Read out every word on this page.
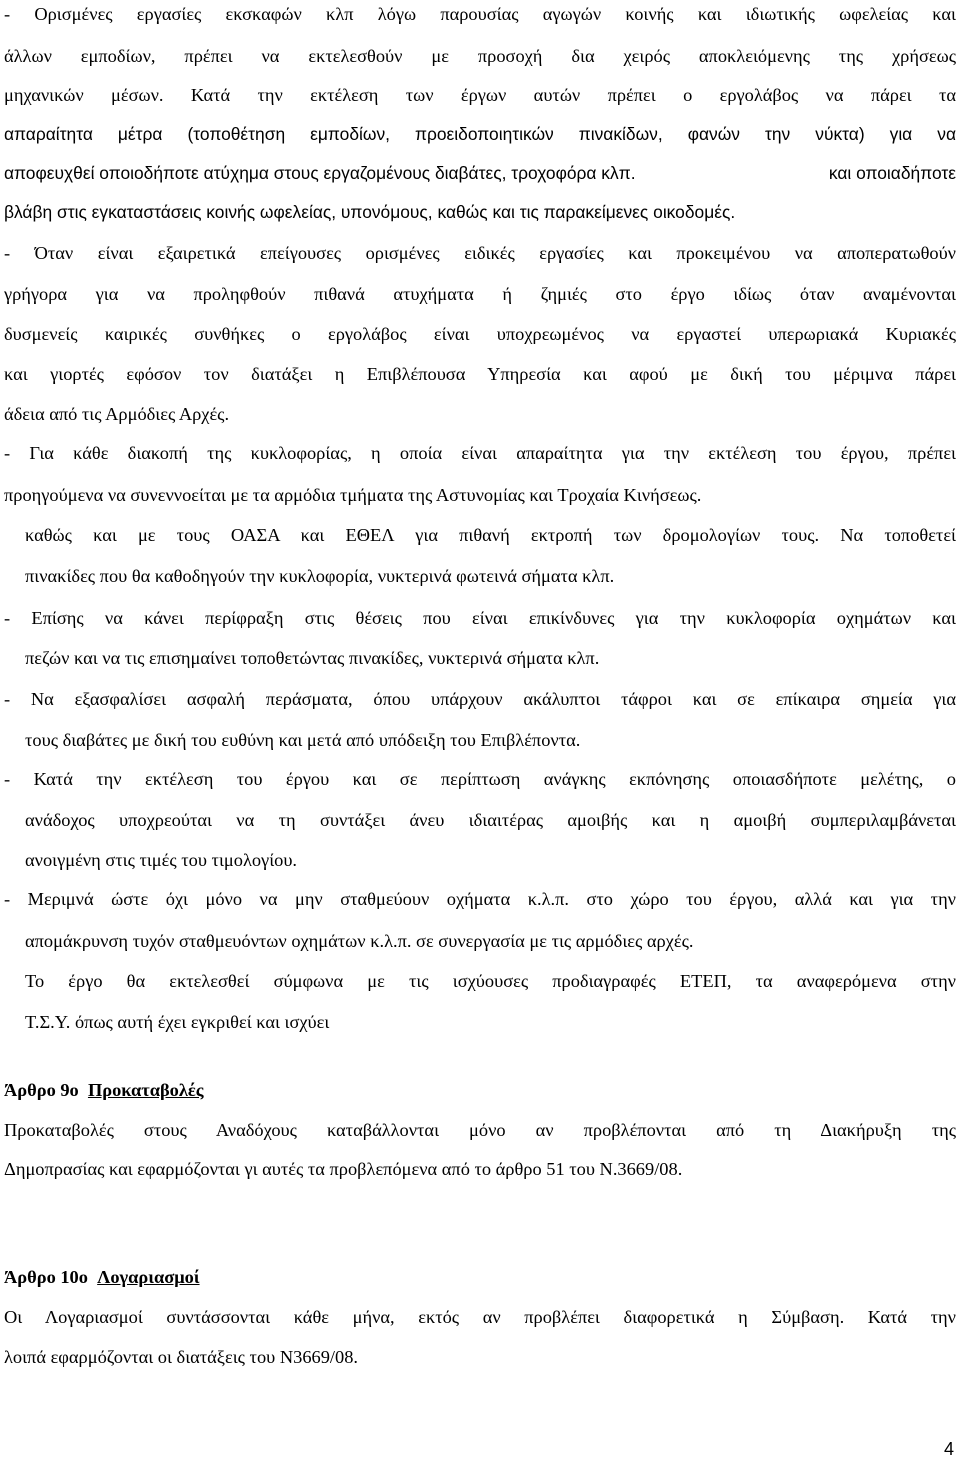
- Ορισμένες εργασίες εκσκαφών κλπ λόγω παρουσίας αγωγών κοινής και ιδιωτικής ωφελείας και
άλλων εμποδίων, πρέπει να εκτελεσθούν με προσοχή δια χειρός αποκλειόμενης της χρήσεως
μηχανικών μέσων. Κατά την εκτέλεση των έργων αυτών πρέπει ο εργολάβος να πάρει τα
απαραίτητα μέτρα (τοποθέτηση εμποδίων, προειδοποιητικών πινακίδων, φανών την νύκτα) για να
αποφευχθεί οποιοδήποτε ατύχημα στους εργαζομένους διαβάτες, τροχοφόρα κλπ.	και οποιαδήποτε
βλάβη στις εγκαταστάσεις κοινής ωφελείας, υπονόμους, καθώς και τις παρακείμενες οικοδομές.
- Όταν είναι εξαιρετικά επείγουσες ορισμένες ειδικές εργασίες και προκειμένου να αποπερατωθούν
γρήγορα για να προληφθούν πιθανά ατυχήματα ή ζημιές στο έργο ιδίως όταν αναμένονται
δυσμενείς καιρικές συνθήκες ο εργολάβος είναι υποχρεωμένος να εργαστεί υπερωριακά Κυριακές
και γιορτές εφόσον τον διατάξει η Επιβλέπουσα Υπηρεσία και αφού με δική του μέριμνα πάρει
άδεια από τις Αρμόδιες Αρχές.
- Για κάθε διακοπή της κυκλοφορίας, η οποία είναι απαραίτητα για την εκτέλεση του έργου, πρέπει
προηγούμενα να συνεννοείται με τα αρμόδια τμήματα της Αστυνομίας και Τροχαία Κινήσεως.
καθώς και με τους ΟΑΣΑ και ΕΘΕΛ για πιθανή εκτροπή των δρομολογίων τους. Να τοποθετεί
πινακίδες που θα καθοδηγούν την κυκλοφορία, νυκτερινά φωτεινά σήματα κλπ.
- Επίσης να κάνει περίφραξη στις θέσεις που είναι επικίνδυνες για την κυκλοφορία οχημάτων και
πεζών και να τις επισημαίνει τοποθετώντας πινακίδες, νυκτερινά σήματα κλπ.
- Να εξασφαλίσει ασφαλή περάσματα, όπου υπάρχουν ακάλυπτοι τάφροι και σε επίκαιρα σημεία για
τους διαβάτες με δική του ευθύνη και μετά από υπόδειξη του Επιβλέποντα.
- Κατά την εκτέλεση του έργου και σε περίπτωση ανάγκης εκπόνησης οποιασδήποτε μελέτης, ο
ανάδοχος υποχρεούται να τη συντάξει άνευ ιδιαιτέρας αμοιβής και η αμοιβή συμπεριλαμβάνεται
ανοιγμένη στις τιμές του τιμολογίου.
- Μεριμνά ώστε όχι μόνο να μην σταθμεύουν οχήματα κ.λ.π. στο χώρο του έργου, αλλά και για την
απομάκρυνση τυχόν σταθμευόντων οχημάτων κ.λ.π. σε συνεργασία με τις αρμόδιες αρχές.
Το έργο θα εκτελεσθεί σύμφωνα με τις ισχύουσες προδιαγραφές ΕΤΕΠ, τα αναφερόμενα στην
Τ.Σ.Υ. όπως αυτή έχει εγκριθεί και ισχύει
Άρθρο 9ο Προκαταβολές
Προκαταβολές στους Αναδόχους καταβάλλονται μόνο αν προβλέπονται από τη Διακήρυξη της
Δημοπρασίας και εφαρμόζονται γι αυτές τα προβλεπόμενα από το άρθρο 51 του Ν.3669/08.
Άρθρο 10ο Λογαριασμοί
Οι Λογαριασμοί συντάσσονται κάθε μήνα, εκτός αν προβλέπει διαφορετικά η Σύμβαση. Κατά την
λοιπά εφαρμόζονται οι διατάξεις του Ν3669/08.
4
